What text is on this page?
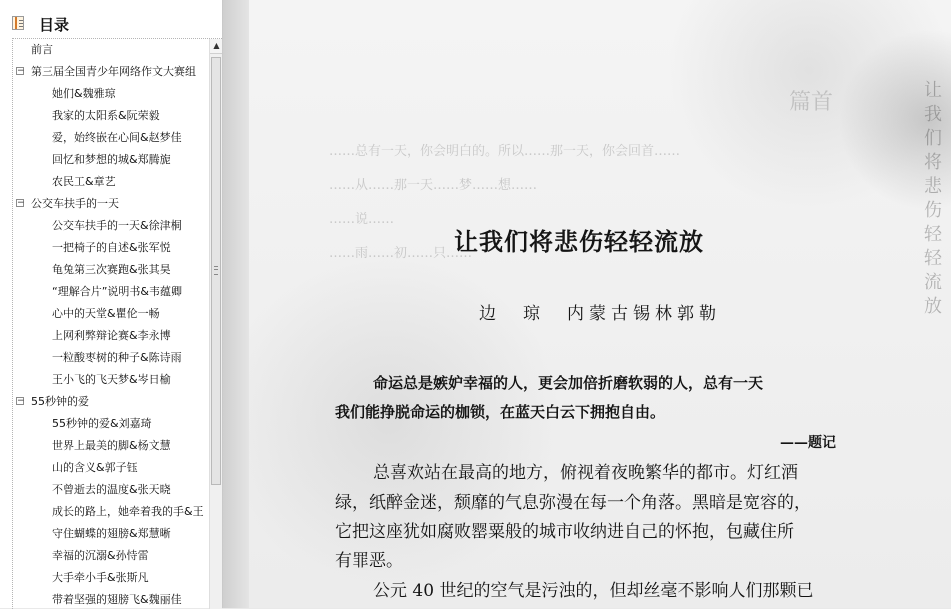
目录
前言
− 第三届全国青少年网络作文大赛组
她们&魏雅琼
我家的太阳系&阮荣毅
爱，始终嵌在心间&赵梦佳
回忆和梦想的城&郑腾旎
农民工&章艺
− 公交车扶手的一天
公交车扶手的一天&徐津桐
一把椅子的自述&张军悦
龟兔第三次赛跑&张其昊
“理解合片”说明书&韦蕴卿
心中的天堂&瞿伦一畅
上网利弊辩论赛&李永博
一粒酸枣树的种子&陈诗雨
王小飞的飞天梦&岑日榆
− 55秒钟的爱
55秒钟的爱&刘嘉琦
世界上最美的脚&杨文慧
山的含义&郭子钰
不曾逝去的温度&张天晓
成长的路上，她牵着我的手&王
守住蝴蝶的翅膀&郑慧晰
幸福的沉溺&孙恃雷
大手牵小手&张斯凡
带着坚强的翅膀飞&魏丽佳
▲
篇首
……总有一天，你会明白的。所以……那一天，你会回首……
……从……那一天……梦……想……
……说……
……雨……初……只……	让我们将悲伤轻轻流放
让我们将悲伤轻轻流放
边　琼　内蒙古锡林郭勒
命运总是嫉妒幸福的人，更会加倍折磨软弱的人，总有一天
我们能挣脱命运的枷锁，在蓝天白云下拥抱自由。
——题记
总喜欢站在最高的地方，俯视着夜晚繁华的都市。灯红酒
绿，纸醉金迷，颓靡的气息弥漫在每一个角落。黑暗是宽容的，
它把这座犹如腐败罂粟般的城市收纳进自己的怀抱，包藏住所
有罪恶。
公元 40 世纪的空气是污浊的，但却丝毫不影响人们那颗已
